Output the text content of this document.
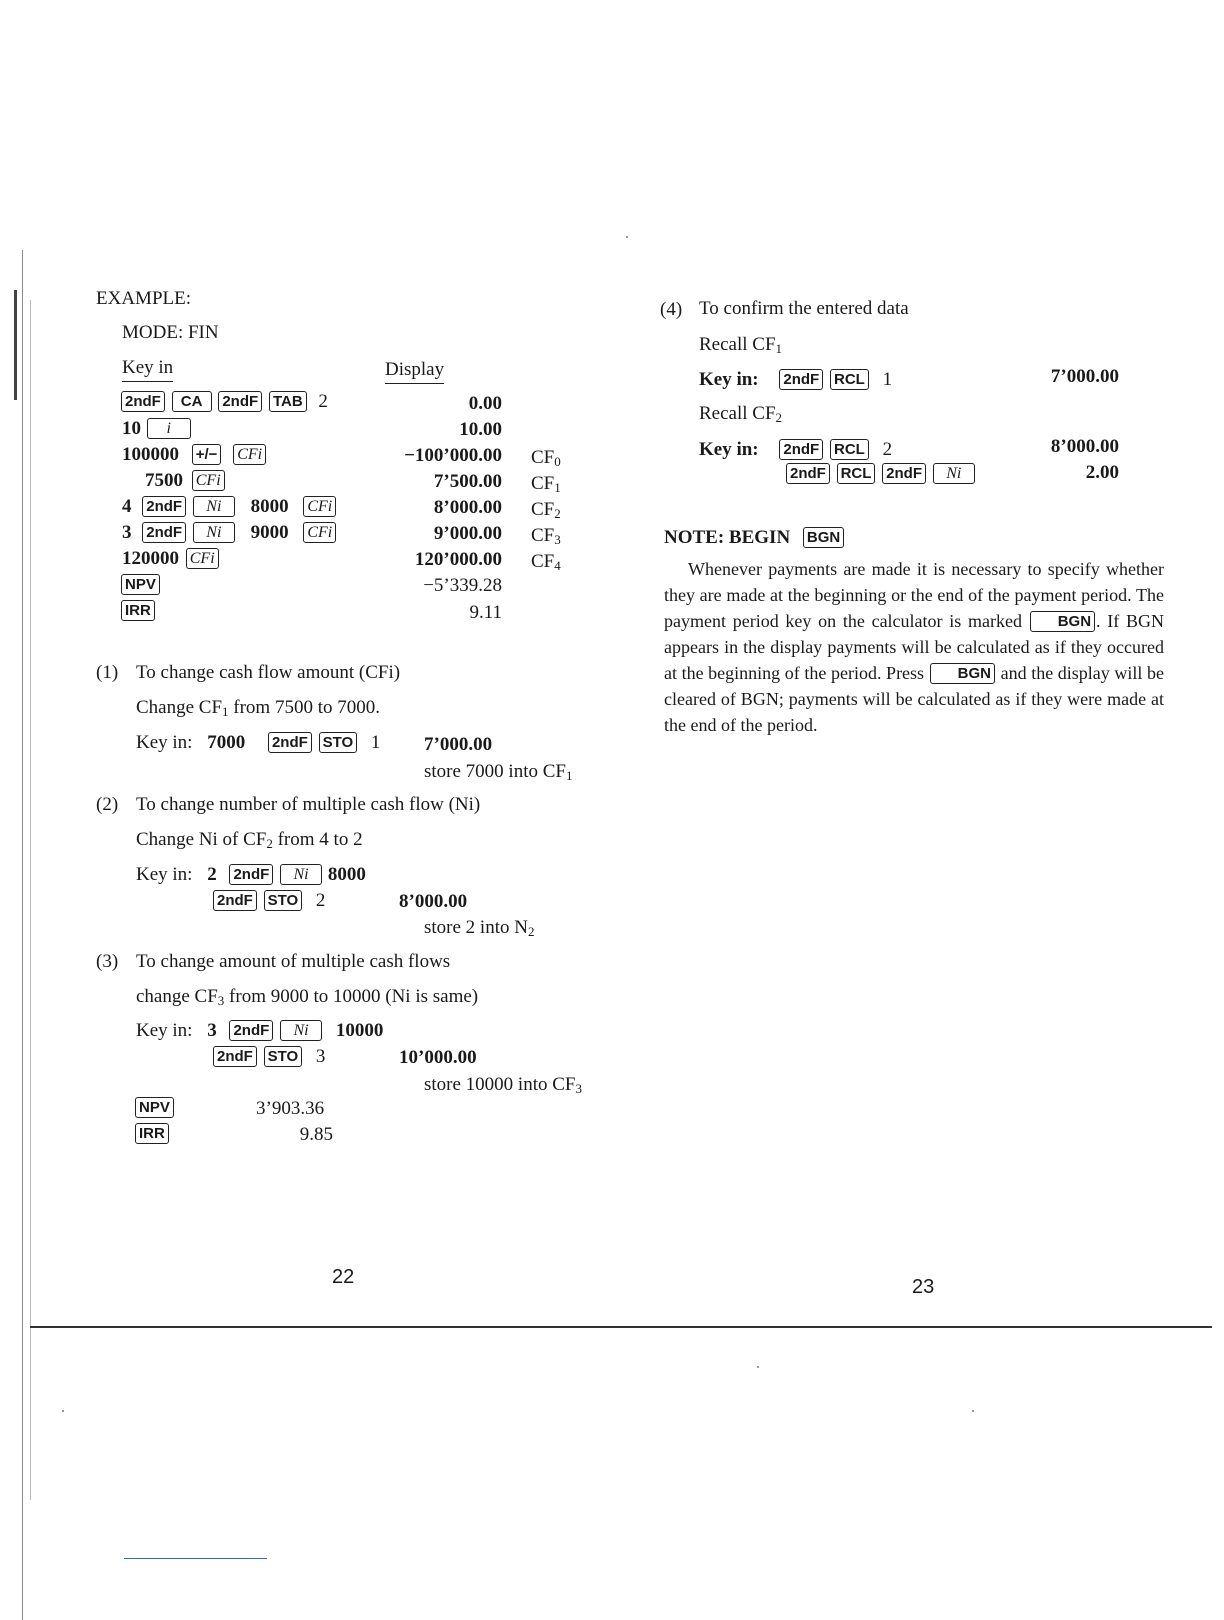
EXAMPLE:
MODE: FIN
Key in	Display
2ndF CA 2ndF TAB 2	0.00
10 i	10.00
100000 +/− CFi	−100’000.00 $CF_0$
7500 CFi	7’500.00 $CF_1$
4 2ndF Ni 8000 CFi	8’000.00 $CF_2$
3 2ndF Ni 9000 CFi	9’000.00 $CF_3$
120000 CFi	120’000.00 $CF_4$
NPV	−5’339.28
IRR	9.11
(1) To change cash flow amount (CFi)
Change $CF_1$ from 7500 to 7000.
Key in: 7000 2ndF STO 1 7’000.00
store 7000 into $CF_1$
(2) To change number of multiple cash flow (Ni)
Change Ni of $CF_2$ from 4 to 2
Key in: 2 2ndF Ni 8000
2ndF STO 2	8’000.00
store 2 into $N_2$
(3) To change amount of multiple cash flows
change $CF_3$ from 9000 to 10000 (Ni is same)
Key in: 3 2ndF Ni 10000
2ndF STO 3	10’000.00
store 10000 into $CF_3$
NPV	3’903.36
IRR	9.85
22
(4) To confirm the entered data
Recall $CF_1$
Key in: 2ndF RCL 1	7’000.00
Recall $CF_2$
Key in: 2ndF RCL 2	8’000.00
2ndF RCL 2ndF Ni	2.00
NOTE: BEGIN BGN
Whenever payments are made it is necessary to specify whether they are made at the beginning or the end of the payment period. The payment period key on the calculator is marked BGN . If BGN appears in the display payments will be calculated as if they occured at the beginning of the period. Press BGN and the display will be cleared of BGN; payments will be calculated as if they were made at the end of the period.
23
